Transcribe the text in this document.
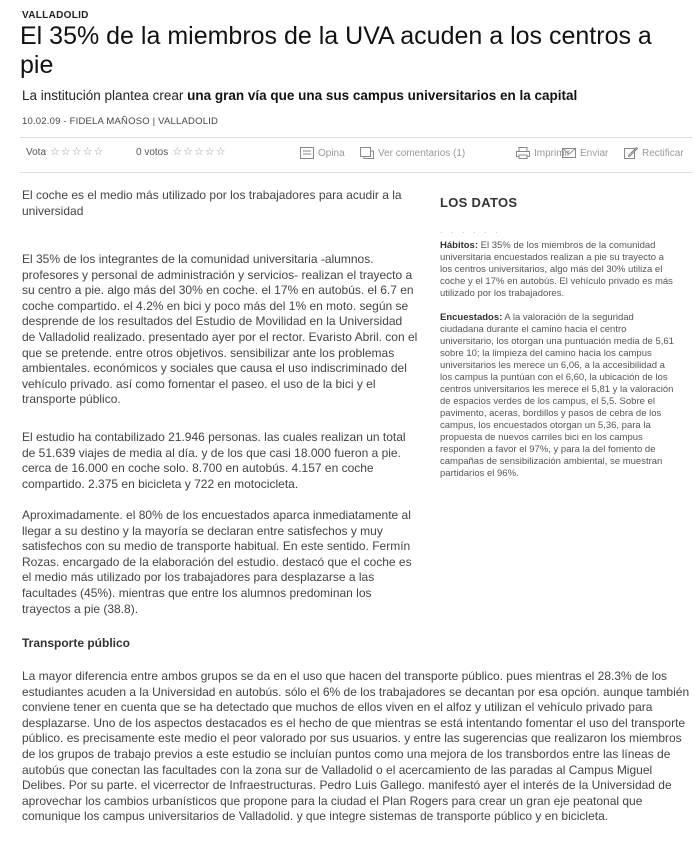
VALLADOLID
El 35% de la miembros de la UVA acuden a los centros a pie
La institución plantea crear una gran vía que una sus campus universitarios en la capital
10.02.09 - FIDELA MAÑOSO | VALLADOLID
Vota ☆ ☆ ☆ ☆ ☆	0 votos ☆ ☆ ☆ ☆ ☆	Opina	Ver comentarios (1)	Imprimir Enviar	Rectificar

El coche es el medio más utilizado por los trabajadores para acudir a la universidad

El 35% de los integrantes de la comunidad universitaria -alumnos. profesores y personal de administración y servicios- realizan el trayecto a su centro a pie. algo más del 30% en coche. el 17% en autobús. el 6.7 en coche compartido. el 4.2% en bici y poco más del 1% en moto. según se desprende de los resultados del Estudio de Movilidad en la Universidad de Valladolid realizado. presentado ayer por el rector. Evaristo Abril. con el que se pretende. entre otros objetivos. sensibilizar ante los problemas ambientales. económicos y sociales que causa el uso indiscriminado del vehículo privado. así como fomentar el paseo. el uso de la bici y el transporte público.

El estudio ha contabilizado 21.946 personas. las cuales realizan un total de 51.639 viajes de media al día. y de los que casi 18.000 fueron a pie. cerca de 16.000 en coche solo. 8.700 en autobús. 4.157 en coche compartido. 2.375 en bicicleta y 722 en motocicleta.

Aproximadamente. el 80% de los encuestados aparca inmediatamente al llegar a su destino y la mayoría se declaran entre satisfechos y muy satisfechos con su medio de transporte habitual. En este sentido. Fermín Rozas. encargado de la elaboración del estudio. destacó que el coche es el medio más utilizado por los trabajadores para desplazarse a las facultades (45%). mientras que entre los alumnos predominan los trayectos a pie (38.8).

Transporte público

La mayor diferencia entre ambos grupos se da en el uso que hacen del transporte público. pues mientras el 28.3% de los estudiantes acuden a la Universidad en autobús. sólo el 6% de los trabajadores se decantan por esa opción. aunque también conviene tener en cuenta que se ha detectado que muchos de ellos viven en el alfoz y utilizan el vehículo privado para desplazarse. Uno de los aspectos destacados es el hecho de que mientras se está intentando fomentar el uso del transporte público. es precisamente este medio el peor valorado por sus usuarios. y entre las sugerencias que realizaron los miembros de los grupos de trabajo previos a este estudio se incluían puntos como una mejora de los transbordos entre las líneas de autobús que conectan las facultades con la zona sur de Valladolid o el acercamiento de las paradas al Campus Miguel Delibes. Por su parte. el vicerrector de Infraestructuras. Pedro Luis Gallego. manifestó ayer el interés de la Universidad de aprovechar los cambios urbanísticos que propone para la ciudad el Plan Rogers para crear un gran eje peatonal que comunique los campus universitarios de Valladolid. y que integre sistemas de transporte público y en bicicleta.

LOS DATOS
. . . . . .

Hábitos: El 35% de los miembros de la comunidad universitaria encuestados realizan a pie su trayecto a los centros universitarios, algo más del 30% utiliza el coche y el 17% en autobús. El vehículo privado es más utilizado por los trabajadores.

Encuestados: A la valoración de la seguridad ciudadana durante el camino hacia el centro universitario, los otorgan una puntuación media de 5,61 sobre 10; la limpieza del camino hacia los campus universitarios les merece un 6,06, a la accesibilidad a los campus la puntúan con el 6,60, la ubicación de los centros universitarios les merece el 5,81 y la valoración de espacios verdes de los campus, el 5,5. Sobre el pavimento, aceras, bordillos y pasos de cebra de los campus, los encuestados otorgan un 5,36, para la propuesta de nuevos carriles bici en los campus responden a favor el 97%, y para la del fomento de campañas de sensibilización ambiental, se muestran partidarios el 96%.
